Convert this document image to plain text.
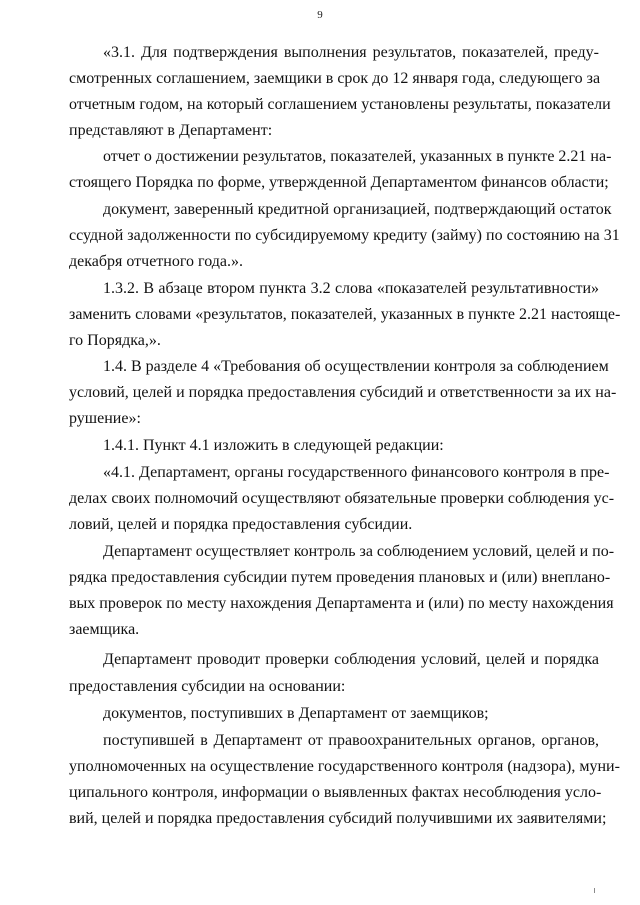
9
«3.1. Для подтверждения выполнения результатов, показателей, преду-
смотренных соглашением, заемщики в срок до 12 января года, следующего за
отчетным годом, на который соглашением установлены результаты, показатели
представляют в Департамент:
отчет о достижении результатов, показателей, указанных в пункте 2.21 на-
стоящего Порядка по форме, утвержденной Департаментом финансов области;
документ, заверенный кредитной организацией, подтверждающий остаток
ссудной задолженности по субсидируемому кредиту (займу) по состоянию на 31
декабря отчетного года.».
1.3.2. В абзаце втором пункта 3.2 слова «показателей результативности»
заменить словами «результатов, показателей, указанных в пункте 2.21 настояще-
го Порядка,».
1.4. В разделе 4 «Требования об осуществлении контроля за соблюдением
условий, целей и порядка предоставления субсидий и ответственности за их на-
рушение»:
1.4.1. Пункт 4.1 изложить в следующей редакции:
«4.1. Департамент, органы государственного финансового контроля в пре-
делах своих полномочий осуществляют обязательные проверки соблюдения ус-
ловий, целей и порядка предоставления субсидии.
Департамент осуществляет контроль за соблюдением условий, целей и по-
рядка предоставления субсидии путем проведения плановых и (или) внеплано-
вых проверок по месту нахождения Департамента и (или) по месту нахождения
заемщика.
Департамент проводит проверки соблюдения условий, целей и порядка
предоставления субсидии на основании:
документов, поступивших в Департамент от заемщиков;
поступившей в Департамент от правоохранительных органов, органов,
уполномоченных на осуществление государственного контроля (надзора), муни-
ципального контроля, информации о выявленных фактах несоблюдения усло-
вий, целей и порядка предоставления субсидий получившими их заявителями;
